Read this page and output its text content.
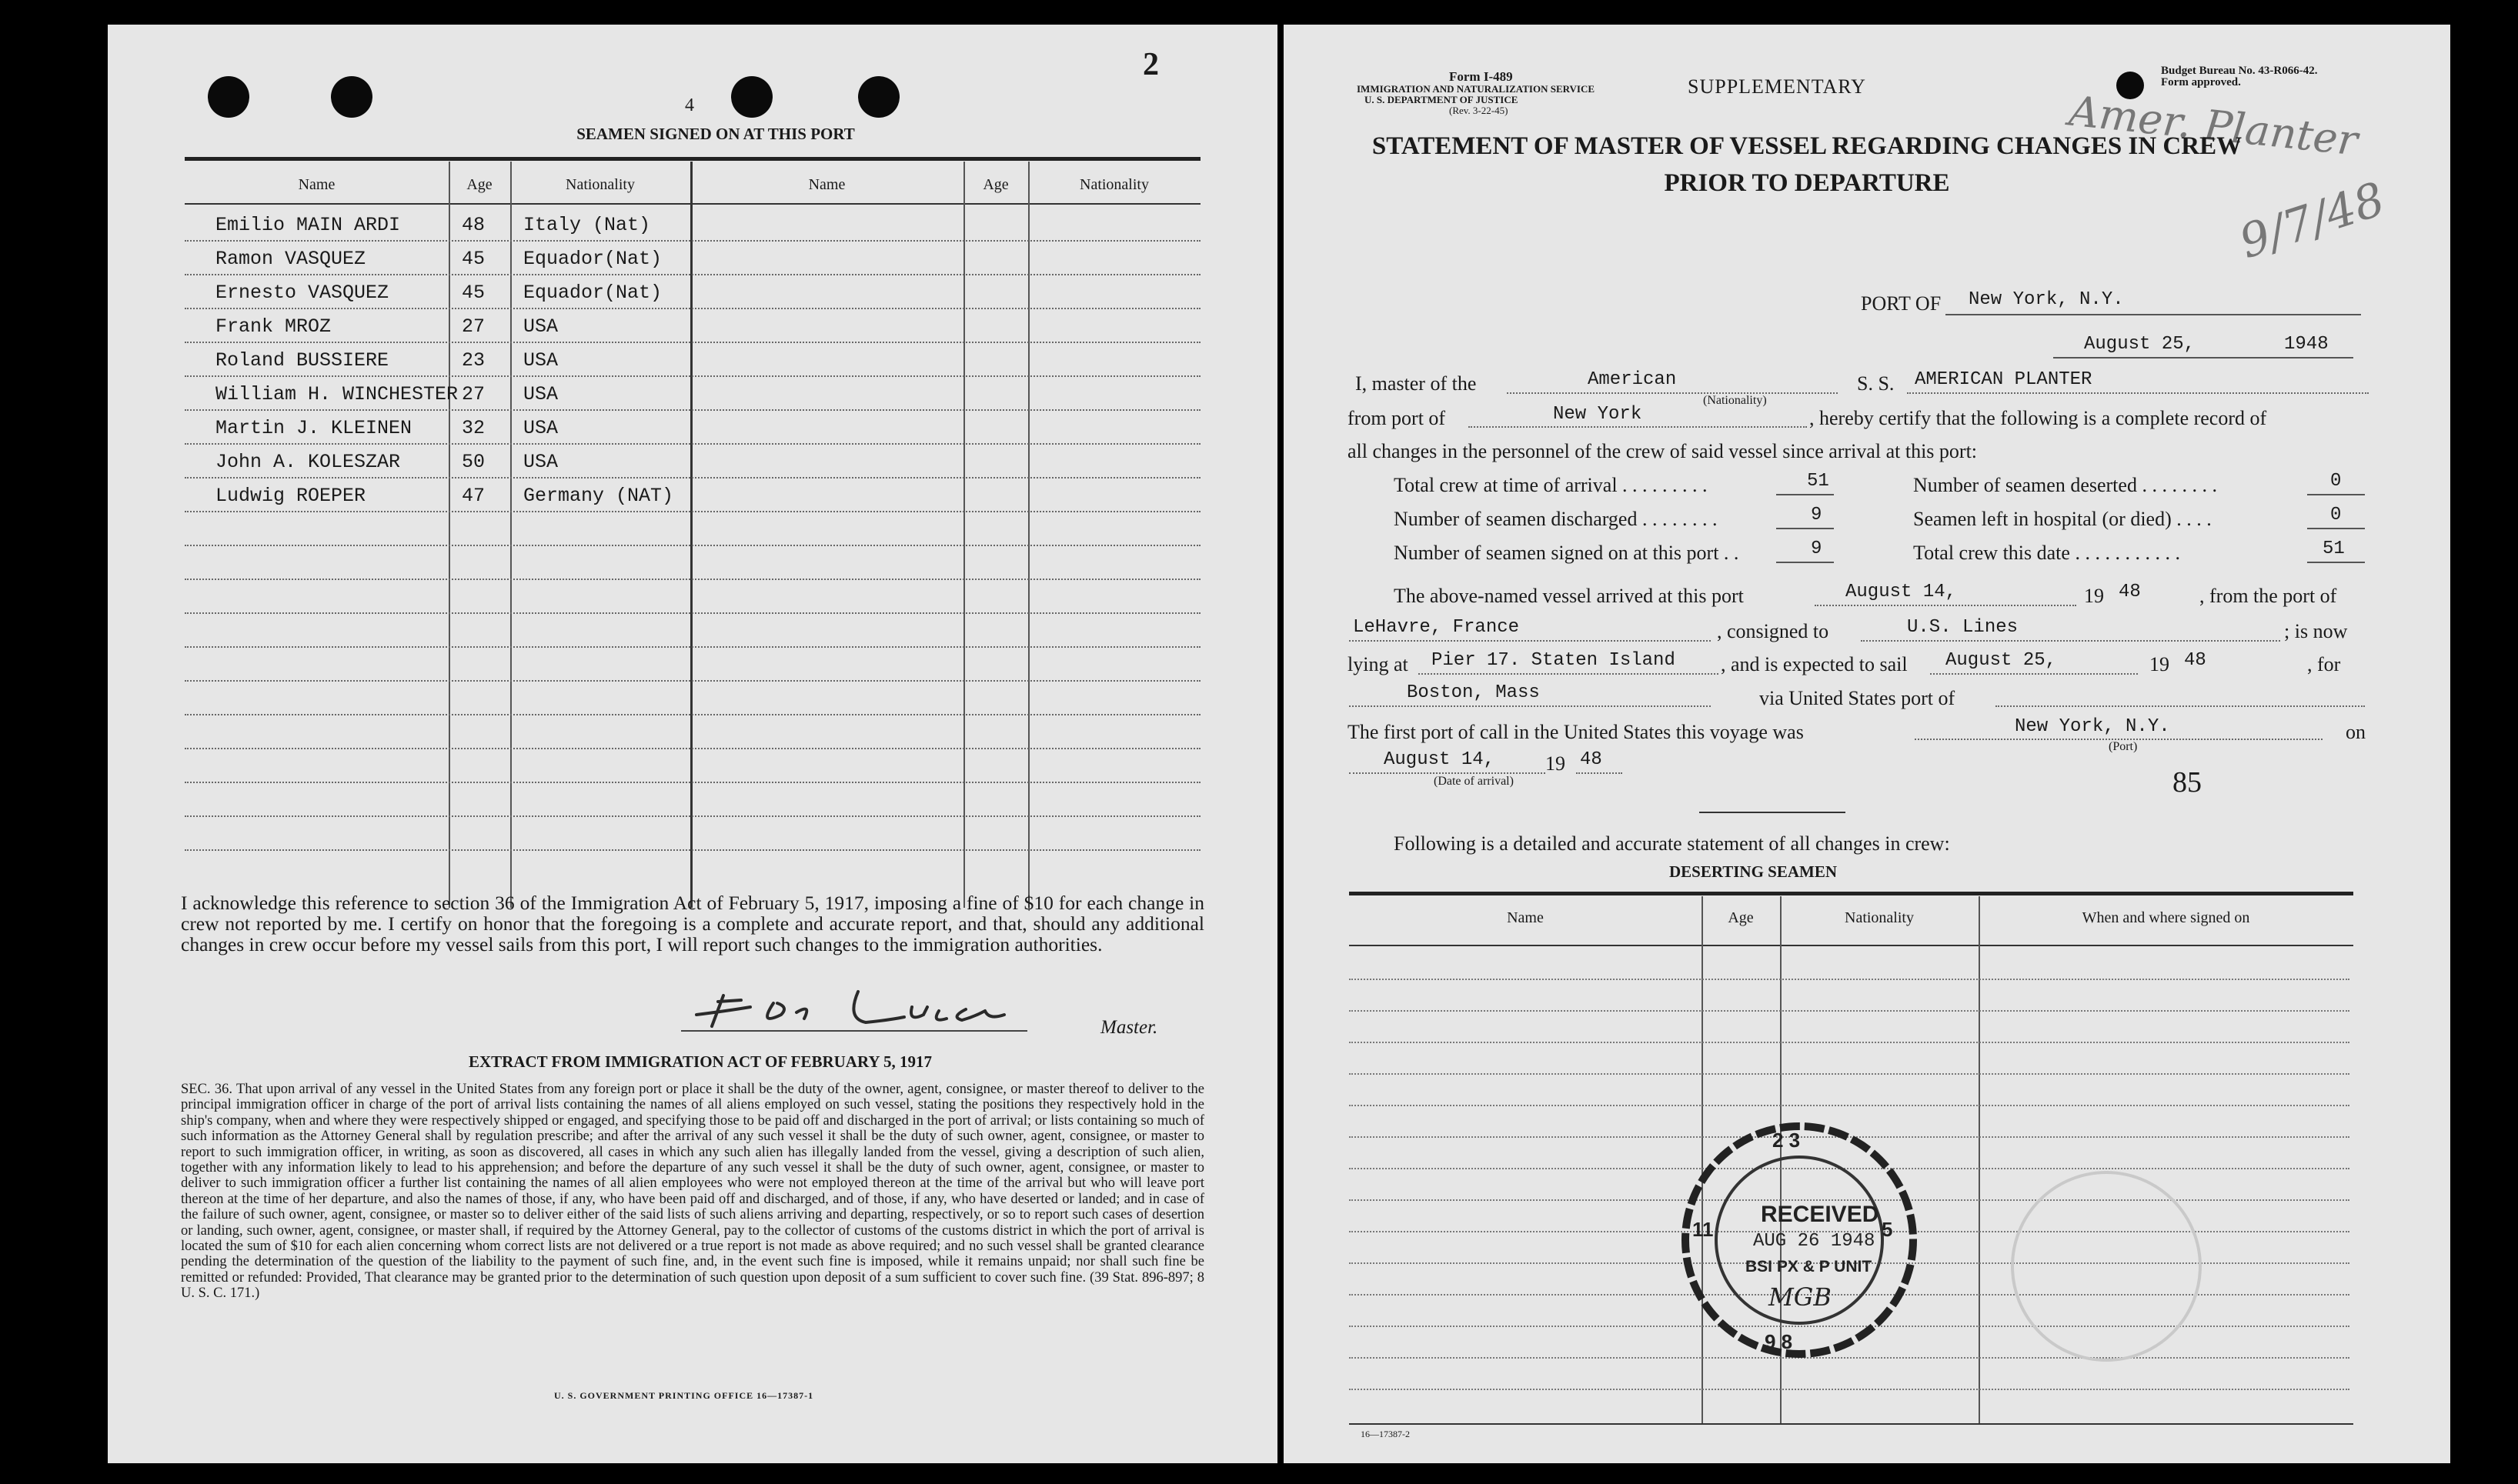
2
4
SEAMEN SIGNED ON AT THIS PORT
Name	Age	Nationality	Name	Age	Nationality
Emilio MAIN ARDI	48 Italy (Nat)
Ramon VASQUEZ	45 Equador(Nat)
Ernesto VASQUEZ	45 Equador(Nat)
Frank MROZ	27 USA
Roland BUSSIERE	23 USA
William H. WINCHESTER 27 USA
Martin J. KLEINEN	32 USA
John A. KOLESZAR	50 USA
Ludwig ROEPER	47 Germany (NAT)
I acknowledge this reference to section 36 of the Immigration Act of February 5, 1917, imposing a fine of $10 for each change in crew not reported by me. I certify on honor that the foregoing is a complete and accurate report, and that, should any additional changes in crew occur before my vessel sails from this port, I will report such changes to the immigration authorities.
Master.
EXTRACT FROM IMMIGRATION ACT OF FEBRUARY 5, 1917
SEC. 36. That upon arrival of any vessel in the United States from any foreign port or place it shall be the duty of the owner, agent, consignee, or master thereof to deliver to the principal immigration officer in charge of the port of arrival lists containing the names of all aliens employed on such vessel, stating the positions they respectively hold in the ship's company, when and where they were respectively shipped or engaged, and specifying those to be paid off and discharged in the port of arrival; or lists containing so much of such information as the Attorney General shall by regulation prescribe; and after the arrival of any such vessel it shall be the duty of such owner, agent, consignee, or master to report to such immigration officer, in writing, as soon as discovered, all cases in which any such alien has illegally landed from the vessel, giving a description of such alien, together with any information likely to lead to his apprehension; and before the departure of any such vessel it shall be the duty of such owner, agent, consignee, or master to deliver to such immigration officer a further list containing the names of all alien employees who were not employed thereon at the time of the arrival but who will leave port thereon at the time of her departure, and also the names of those, if any, who have been paid off and discharged, and of those, if any, who have deserted or landed; and in case of the failure of such owner, agent, consignee, or master so to deliver either of the said lists of such aliens arriving and departing, respectively, or so to report such cases of desertion or landing, such owner, agent, consignee, or master shall, if required by the Attorney General, pay to the collector of customs of the customs district in which the port of arrival is located the sum of $10 for each alien concerning whom correct lists are not delivered or a true report is not made as above required; and no such vessel shall be granted clearance pending the determination of the question of the liability to the payment of such fine, and, in the event such fine is imposed, while it remains unpaid; nor shall such fine be remitted or refunded: Provided, That clearance may be granted prior to the determination of such question upon deposit of a sum sufficient to cover such fine. (39 Stat. 896-897; 8 U. S. C. 171.)
U. S. GOVERNMENT PRINTING OFFICE 16—17387-1
Form I-489
IMMIGRATION AND NATURALIZATION SERVICE
U. S. DEPARTMENT OF JUSTICE
(Rev. 3-22-45)
SUPPLEMENTARY
Budget Bureau No. 43-R066-42.
Form approved.
Amer. Planter
9/7/48
STATEMENT OF MASTER OF VESSEL REGARDING CHANGES IN CREW
PRIOR TO DEPARTURE
PORT OF New York, N.Y.
August 25,	1948
I, master of the	American
(Nationality)
S. S. AMERICAN PLANTER
from port of	New York	, hereby certify that the following is a complete record of
all changes in the personnel of the crew of said vessel since arrival at this port:
Total crew at time of arrival . . . . . . . . .	51
Number of seamen discharged . . . . . . . .	9
Number of seamen signed on at this port . .	9
Number of seamen deserted . . . . . . . .	0
Seamen left in hospital (or died) . . . .	0
Total crew this date . . . . . . . . . . .	51
The above-named vessel arrived at this port	August 14,	19 48	, from the port of
LeHavre, France	, consigned to	U.S. Lines	; is now
lying at Pier 17. Staten Island , and is expected to sail August 25,	19 48	, for
Boston, Mass	via United States port of
The first port of call in the United States this voyage was	New York, N.Y.
(Port)
on
August 14,	19 48
(Date of arrival)	85
Following is a detailed and accurate statement of all changes in crew:
DESERTING SEAMEN
Name	Age	Nationality	When and where signed on
2 3
5
9 8
11
RECEIVED
AUG 26 1948
BSI PX & P UNIT
MGB
16—17387-2
